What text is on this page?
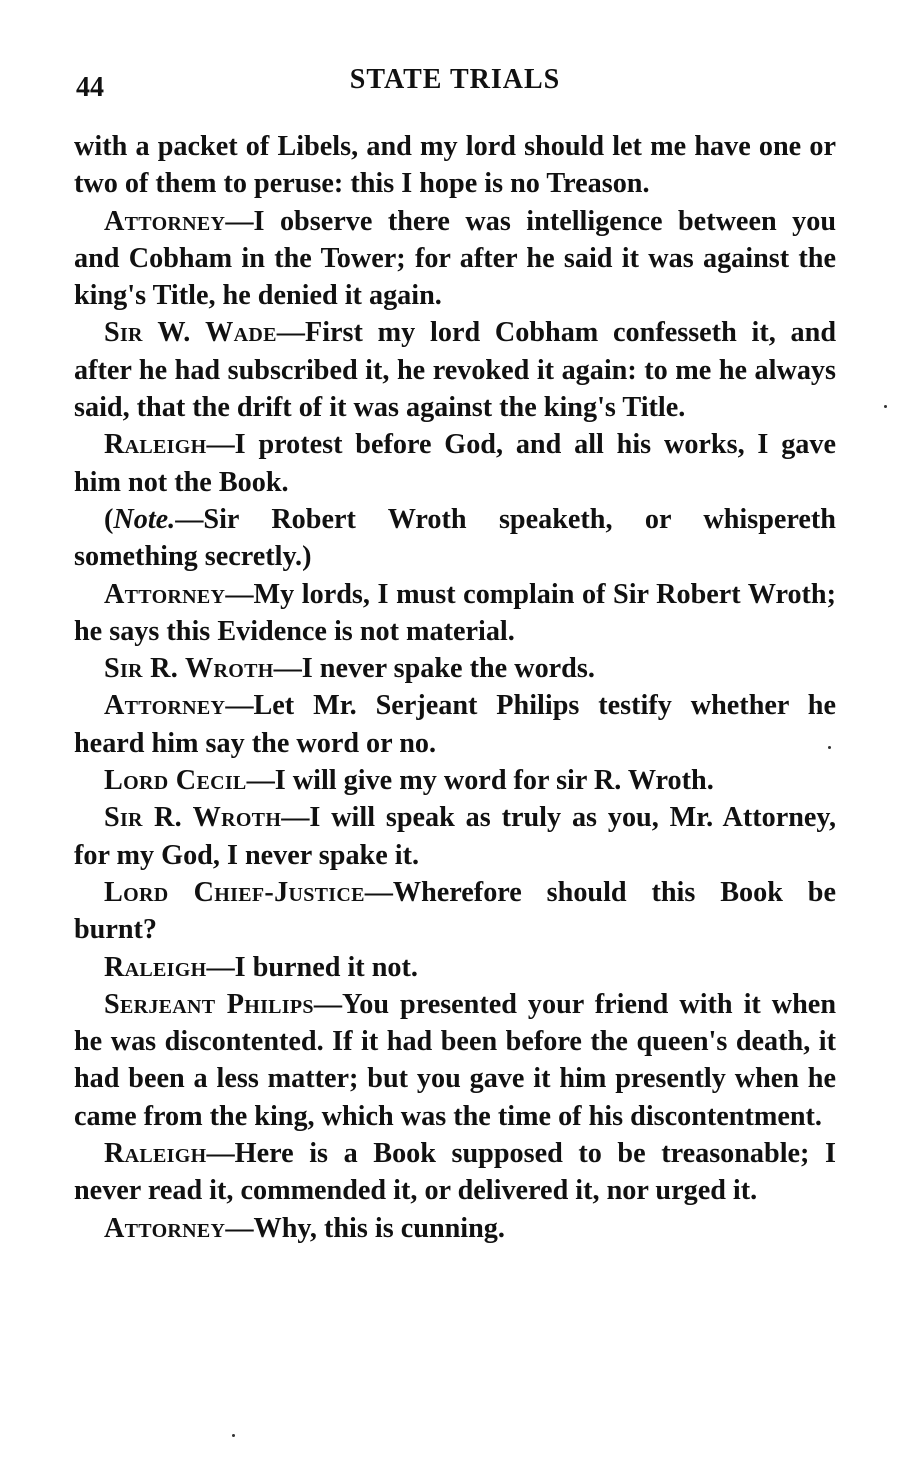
44	STATE TRIALS

with a packet of Libels, and my lord should let me have one or two of them to peruse: this I hope is no Treason.

Attorney—I observe there was intelligence between you and Cobham in the Tower; for after he said it was against the king's Title, he denied it again.

Sir W. Wade—First my lord Cobham confesseth it, and after he had subscribed it, he revoked it again: to me he always said, that the drift of it was against the king's Title.

Raleigh—I protest before God, and all his works, I gave him not the Book.

(Note.—Sir Robert Wroth speaketh, or whispereth something secretly.)

Attorney—My lords, I must complain of Sir Robert Wroth; he says this Evidence is not material.

Sir R. Wroth—I never spake the words.

Attorney—Let Mr. Serjeant Philips testify whether he heard him say the word or no.

Lord Cecil—I will give my word for sir R. Wroth.

Sir R. Wroth—I will speak as truly as you, Mr. Attorney, for my God, I never spake it.

Lord Chief-Justice—Wherefore should this Book be burnt?

Raleigh—I burned it not.

Serjeant Philips—You presented your friend with it when he was discontented. If it had been before the queen's death, it had been a less matter; but you gave it him presently when he came from the king, which was the time of his discontentment.

Raleigh—Here is a Book supposed to be treasonable; I never read it, commended it, or delivered it, nor urged it.

Attorney—Why, this is cunning.
